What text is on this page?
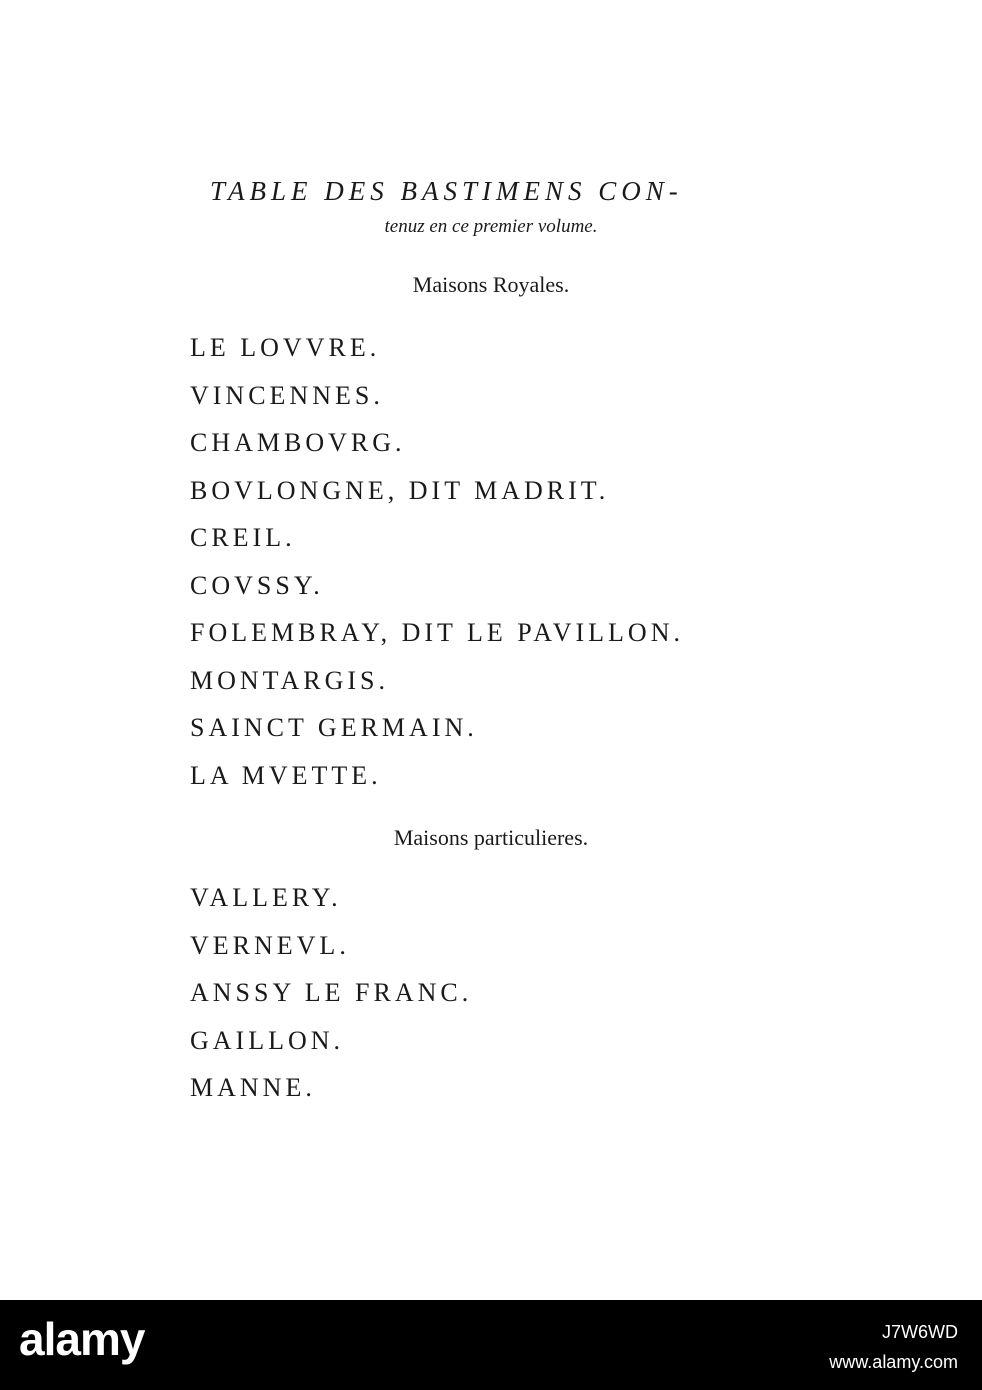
TABLE DES BASTIMENS CON-
tenuz en ce premier volume.
Maisons Royales.
LE LOVVRE.
VINCENNES.
CHAMBOVRG.
BOVLONGNE, DIT MADRIT.
CREIL.
COVSSY.
FOLEMBRAY, DIT LE PAVILLON.
MONTARGIS.
SAINCT GERMAIN.
LA MVETTE.
Maisons particulieres.
VALLERY.
VERNEVL.
ANSSY LE FRANC.
GAILLON.
MANNE.
alamy	J7W6WD
www.alamy.com
